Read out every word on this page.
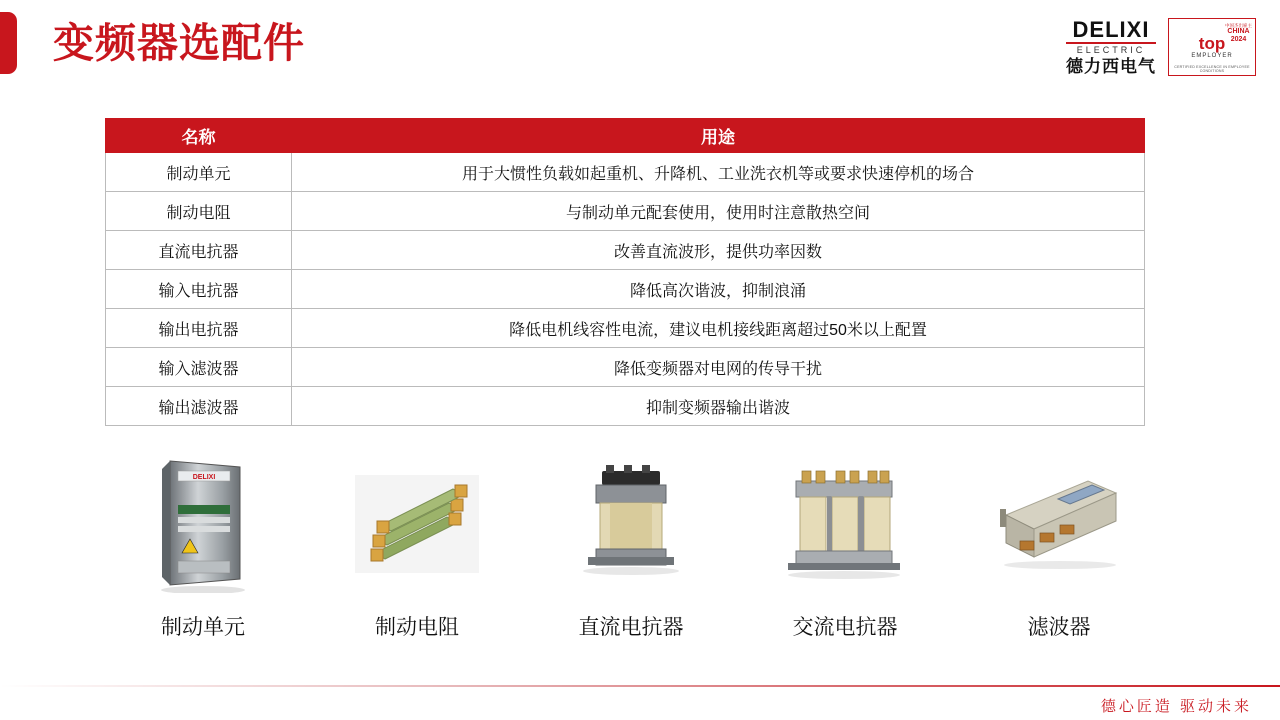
变频器选配件	DELIXI
ELECTRIC
德力西电气
中国杰出雇主
CHINA
2024
top
EMPLOYER
CERTIFIED EXCELLENCE IN EMPLOYEE CONDITIONS
名称	用途
制动单元	用于大惯性负载如起重机、升降机、工业洗衣机等或要求快速停机的场合
制动电阻	与制动单元配套使用，使用时注意散热空间
直流电抗器	改善直流波形，提供功率因数
输入电抗器	降低高次谐波，抑制浪涌
输出电抗器	降低电机线容性电流，建议电机接线距离超过50米以上配置
输入滤波器	降低变频器对电网的传导干扰
输出滤波器	抑制变频器输出谐波
DELIXI
制动单元	制动电阻	直流电抗器	交流电抗器	滤波器
德心匠造 驱动未来
